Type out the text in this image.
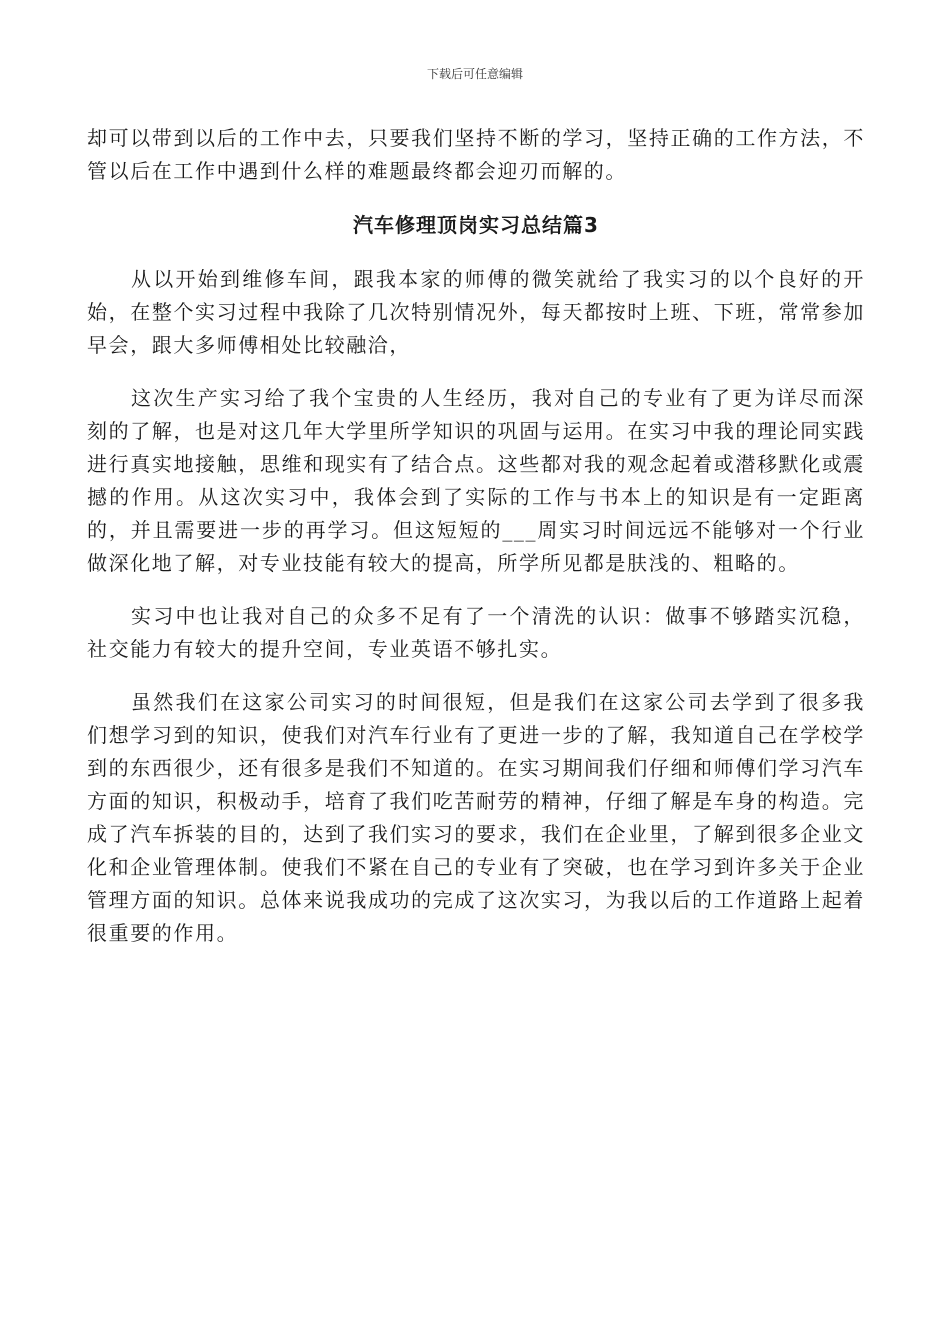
下载后可任意编辑

却可以带到以后的工作中去，只要我们坚持不断的学习，坚持正确的工作方法，不管以后在工作中遇到什么样的难题最终都会迎刃而解的。

汽车修理顶岗实习总结篇3

从以开始到维修车间，跟我本家的师傅的微笑就给了我实习的以个良好的开始，在整个实习过程中我除了几次特别情况外，每天都按时上班、下班，常常参加早会，跟大多师傅相处比较融洽，

这次生产实习给了我个宝贵的人生经历，我对自己的专业有了更为详尽而深刻的了解，也是对这几年大学里所学知识的巩固与运用。在实习中我的理论同实践进行真实地接触，思维和现实有了结合点。这些都对我的观念起着或潜移默化或震撼的作用。从这次实习中，我体会到了实际的工作与书本上的知识是有一定距离的，并且需要进一步的再学习。但这短短的___周实习时间远远不能够对一个行业做深化地了解，对专业技能有较大的提高，所学所见都是肤浅的、粗略的。

实习中也让我对自己的众多不足有了一个清洗的认识：做事不够踏实沉稳，社交能力有较大的提升空间，专业英语不够扎实。

虽然我们在这家公司实习的时间很短，但是我们在这家公司去学到了很多我们想学习到的知识，使我们对汽车行业有了更进一步的了解，我知道自己在学校学到的东西很少，还有很多是我们不知道的。在实习期间我们仔细和师傅们学习汽车方面的知识，积极动手，培育了我们吃苦耐劳的精神，仔细了解是车身的构造。完成了汽车拆装的目的，达到了我们实习的要求，我们在企业里，了解到很多企业文化和企业管理体制。使我们不紧在自己的专业有了突破，也在学习到许多关于企业管理方面的知识。总体来说我成功的完成了这次实习，为我以后的工作道路上起着很重要的作用。
